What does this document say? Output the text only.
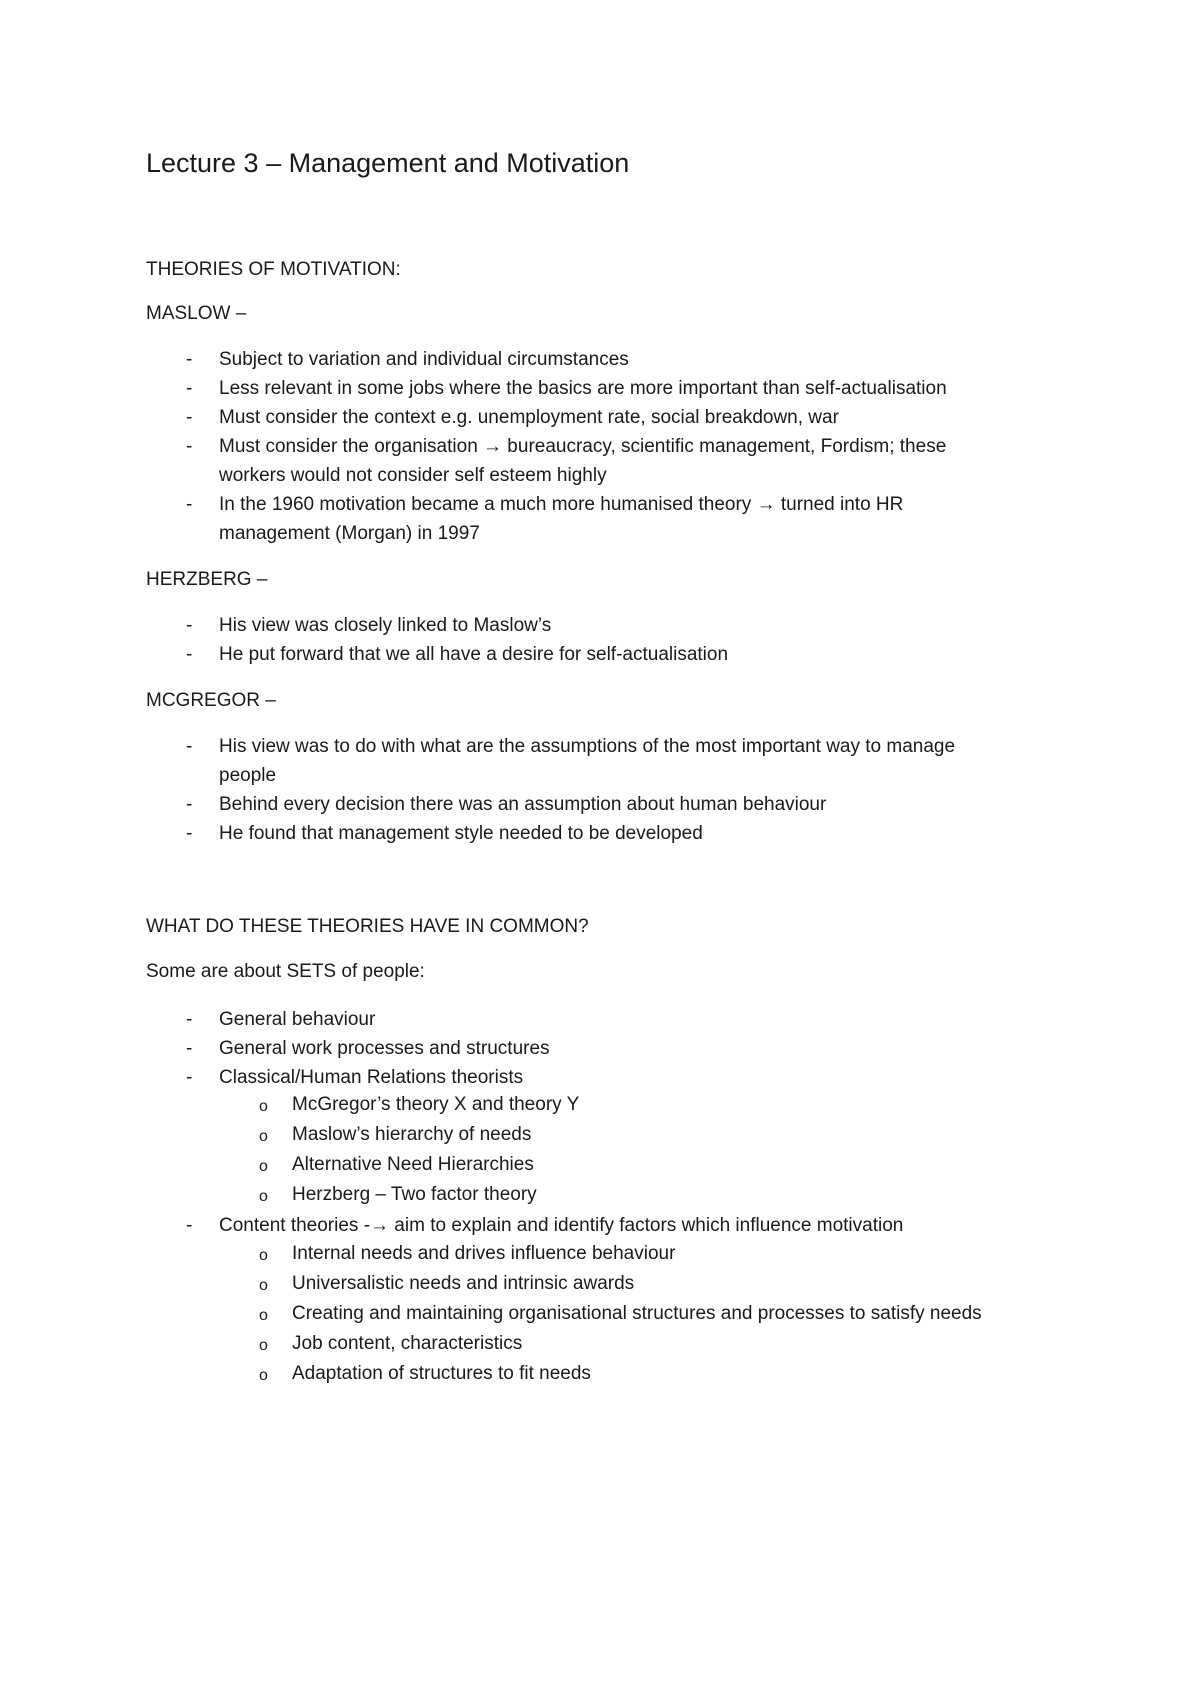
Lecture 3 – Management and Motivation

THEORIES OF MOTIVATION:

MASLOW –

- Subject to variation and individual circumstances
- Less relevant in some jobs where the basics are more important than self-actualisation
- Must consider the context e.g. unemployment rate, social breakdown, war
- Must consider the organisation → bureaucracy, scientific management, Fordism; these
workers would not consider self esteem highly
- In the 1960 motivation became a much more humanised theory → turned into HR
management (Morgan) in 1997

HERZBERG –

- His view was closely linked to Maslow’s
- He put forward that we all have a desire for self-actualisation

MCGREGOR –

- His view was to do with what are the assumptions of the most important way to manage
people
- Behind every decision there was an assumption about human behaviour
- He found that management style needed to be developed

WHAT DO THESE THEORIES HAVE IN COMMON?

Some are about SETS of people:

- General behaviour
- General work processes and structures
- Classical/Human Relations theorists
o McGregor’s theory X and theory Y
o Maslow’s hierarchy of needs
o Alternative Need Hierarchies
o Herzberg – Two factor theory
- Content theories -→ aim to explain and identify factors which influence motivation
o Internal needs and drives influence behaviour
o Universalistic needs and intrinsic awards
o Creating and maintaining organisational structures and processes to satisfy needs
o Job content, characteristics
o Adaptation of structures to fit needs
